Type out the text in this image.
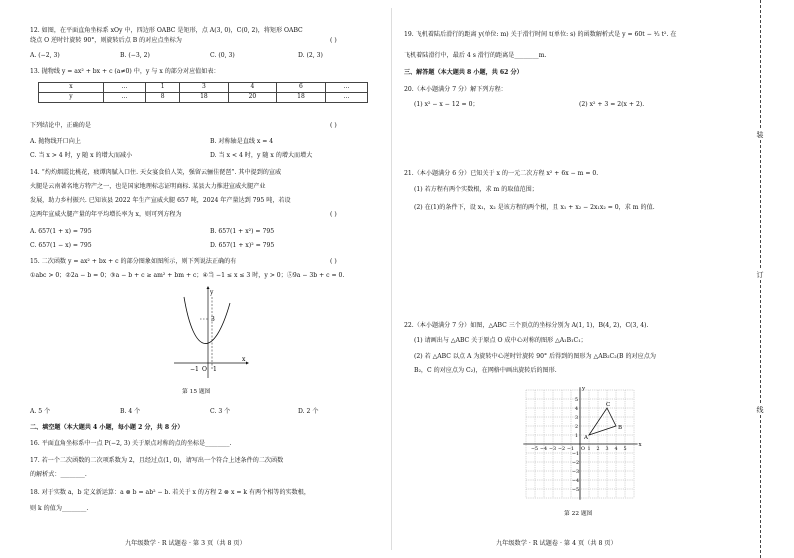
12. 如图，在平面直角坐标系 xOy 中，四边形 OABC 是矩形，点 A(3, 0)，C(0, 2)，将矩形 OABC
绕点 O 逆时针旋转 90°，则旋转后点 B 的对应点坐标为	( )
A. (−2, 3)	B. (−3, 2)	C. (0, 3)	D. (2, 3)
13. 抛物线 y = ax² + bx + c (a≠0) 中，y 与 x 的部分对应值如表：
x	…	1	3	4	6	…
y	…	8	18	20	18	…
下列结论中，正确的是	( )
A. 抛物线开口向上	B. 对称轴是直线 x = 4
C. 当 x > 4 时，y 随 x 的增大而减小	D. 当 x < 4 时，y 随 x 的增大而增大
14. “灼灼烟霞比桃花，疲谭肉腻入口住. 天女宴食伯人笑，强留云骊佳琵琶”. 其中提到的宣威
火腿是云南著名地方特产之一，也是国家地理标志证明商标. 某县大力推进宣威火腿产业
发展，助力乡村振兴. 已知该县 2022 年生产宣威火腿 657 吨，2024 年产量达到 795 吨，若设
这两年宣威火腿产量的年平均增长率为 x，则可列方程为	( )
A. 657(1 + x) = 795	B. 657(1 + x²) = 795
C. 657(1 − x) = 795	D. 657(1 + x)² = 795
15. 二次函数 y = ax² + bx + c 的部分图象如图所示，则下列说法正确的有	( )
①abc > 0；②2a − b = 0；③a − b + c ≥ am² + bm + c；④当 −1 ≤ x ≤ 3 时，y > 0；⑤9a − 3b + c = 0.
y
x
3
−1 O 1
第 15 题图
A. 5 个	B. 4 个	C. 3 个	D. 2 个
二、填空题（本大题共 4 小题，每小题 2 分，共 8 分）
16. 平面直角坐标系中一点 P(−2, 3) 关于原点对称的点的坐标是________.
17. 若一个二次函数的二次项系数为 2，且经过点(1, 0)，请写出一个符合上述条件的二次函数
的解析式：________.
18. 对于实数 a，b 定义新运算：a ⊗ b = ab² − b. 若关于 x 的方程 2 ⊗ x = k 有两个相等的实数根，
则 k 的值为________.
九年级数学 · R 试题卷 · 第 3 页（共 8 页）
19. 飞机着陆后滑行的距离 y(单位: m) 关于滑行时间 t(单位: s) 的函数解析式是 y = 60t − ³⁄₂ t². 在
飞机着陆滑行中，最后 4 s 滑行的距离是________m.
三、解答题（本大题共 8 小题，共 62 分）
20.（本小题满分 7 分）解下列方程：
(1) x² − x − 12 = 0；	(2) x² + 3 = 2(x + 2).
21.（本小题满分 6 分）已知关于 x 的一元二次方程 x² + 6x − m = 0.
(1) 若方程有两个实数根，求 m 的取值范围；
(2) 在(1)的条件下，设 x₁，x₂ 是该方程的两个根，且 x₁ + x₂ − 2x₁x₂ = 0，求 m 的值.
22.（本小题满分 7 分）如图，△ABC 三个顶点的坐标分别为 A(1, 1)，B(4, 2)，C(3, 4).
(1) 请画出与 △ABC 关于原点 O 成中心对称的图形 △A₁B₁C₁；
(2) 若 △ABC 以点 A 为旋转中心逆时针旋转 90° 后得到的图形为 △AB₂C₂(B 的对应点为
B₂，C 的对应点为 C₂)，在网格中画出旋转后的图形.
x
y
−5 −4 −3 −2 −1 O 1 2 3 4 5
5
4
3
2
1
−1
−2
−3
−4
−5
A
B
C
第 22 题图
九年级数学 · R 试题卷 · 第 4 页（共 8 页）
装
订
线
